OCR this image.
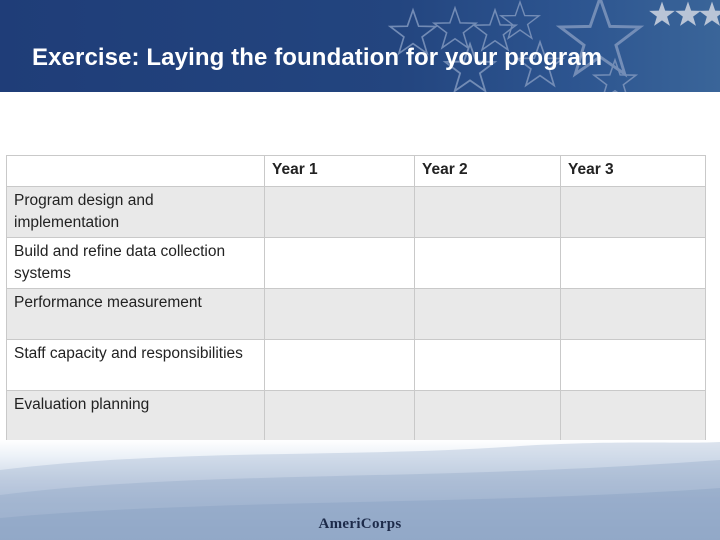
Exercise: Laying the foundation for your program
	Year 1	Year 2	Year 3
Program design and implementation			
Build and refine data collection systems			
Performance measurement			
Staff capacity and responsibilities			
Evaluation planning			
AmeriCorps
